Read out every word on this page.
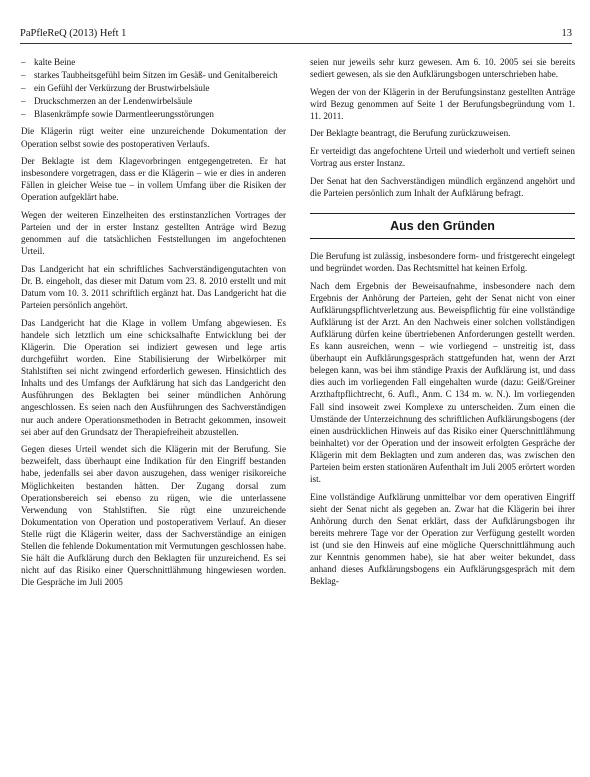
PaPfleReQ (2013) Heft 1	13
– kalte Beine
– starkes Taubheitsgefühl beim Sitzen im Gesäß- und Genitalbereich
– ein Gefühl der Verkürzung der Brustwirbelsäule
– Druckschmerzen an der Lendenwirbelsäule
– Blasenkrämpfe sowie Darmentleerungsstörungen

Die Klägerin rügt weiter eine unzureichende Dokumentation der Operation selbst sowie des postoperativen Verlaufs.

Der Beklagte ist dem Klagevorbringen entgegengetreten. Er hat insbesondere vorgetragen, dass er die Klägerin – wie er dies in anderen Fällen in gleicher Weise tue – in vollem Umfang über die Risiken der Operation aufgeklärt habe.

Wegen der weiteren Einzelheiten des erstinstanzlichen Vortrages der Parteien und der in erster Instanz gestellten Anträge wird Bezug genommen auf die tatsächlichen Feststellungen im angefochtenen Urteil.

Das Landgericht hat ein schriftliches Sachverständigengutachten von Dr. B. eingeholt, das dieser mit Datum vom 23. 8. 2010 erstellt und mit Datum vom 10. 3. 2011 schriftlich ergänzt hat. Das Landgericht hat die Parteien persönlich angehört.

Das Landgericht hat die Klage in vollem Umfang abgewiesen. Es handele sich letztlich um eine schicksalhafte Entwicklung bei der Klägerin. Die Operation sei indiziert gewesen und lege artis durchgeführt worden. Eine Stabilisierung der Wirbelkörper mit Stahlstiften sei nicht zwingend erforderlich gewesen. Hinsichtlich des Inhalts und des Umfangs der Aufklärung hat sich das Landgericht den Ausführungen des Beklagten bei seiner mündlichen Anhörung angeschlossen. Es seien nach den Ausführungen des Sachverständigen nur auch andere Operationsmethoden in Betracht gekommen, insoweit sei aber auf den Grundsatz der Therapiefreiheit abzustellen.

Gegen dieses Urteil wendet sich die Klägerin mit der Berufung. Sie bezweifelt, dass überhaupt eine Indikation für den Eingriff bestanden habe, jedenfalls sei aber davon auszugehen, dass weniger risikoreiche Möglichkeiten bestanden hätten. Der Zugang dorsal zum Operationsbereich sei ebenso zu rügen, wie die unterlassene Verwendung von Stahlstiften. Sie rügt eine unzureichende Dokumentation von Operation und postoperativem Verlauf. An dieser Stelle rügt die Klägerin weiter, dass der Sachverständige an einigen Stellen die fehlende Dokumentation mit Vermutungen geschlossen habe. Sie hält die Aufklärung durch den Beklagten für unzureichend. Es sei nicht auf das Risiko einer Querschnittlähmung hingewiesen worden. Die Gespräche im Juli 2005

seien nur jeweils sehr kurz gewesen. Am 6. 10. 2005 sei sie bereits sediert gewesen, als sie den Aufklärungsbogen unterschrieben habe.

Wegen der von der Klägerin in der Berufungsinstanz gestellten Anträge wird Bezug genommen auf Seite 1 der Berufungsbegründung vom 1. 11. 2011.

Der Beklagte beantragt, die Berufung zurückzuweisen.

Er verteidigt das angefochtene Urteil und wiederholt und vertieft seinen Vortrag aus erster Instanz.

Der Senat hat den Sachverständigen mündlich ergänzend angehört und die Parteien persönlich zum Inhalt der Aufklärung befragt.

Aus den Gründen

Die Berufung ist zulässig, insbesondere form- und fristgerecht eingelegt und begründet worden. Das Rechtsmittel hat keinen Erfolg.

Nach dem Ergebnis der Beweisaufnahme, insbesondere nach dem Ergebnis der Anhörung der Parteien, geht der Senat nicht von einer Aufklärungspflichtverletzung aus. Beweispflichtig für eine vollständige Aufklärung ist der Arzt. An den Nachweis einer solchen vollständigen Aufklärung dürfen keine übertriebenen Anforderungen gestellt werden. Es kann ausreichen, wenn – wie vorliegend – unstreitig ist, dass überhaupt ein Aufklärungsgespräch stattgefunden hat, wenn der Arzt belegen kann, was bei ihm ständige Praxis der Aufklärung ist, und dass dies auch im vorliegenden Fall eingehalten wurde (dazu: Geiß/Greiner Arzthaftpflichtrecht, 6. Aufl., Anm. C 134 m. w. N.). Im vorliegenden Fall sind insoweit zwei Komplexe zu unterscheiden. Zum einen die Umstände der Unterzeichnung des schriftlichen Aufklärungsbogens (der einen ausdrücklichen Hinweis auf das Risiko einer Querschnittlähmung beinhaltet) vor der Operation und der insoweit erfolgten Gespräche der Klägerin mit dem Beklagten und zum anderen das, was zwischen den Parteien beim ersten stationären Aufenthalt im Juli 2005 erörtert worden ist.

Eine vollständige Aufklärung unmittelbar vor dem operativen Eingriff sieht der Senat nicht als gegeben an. Zwar hat die Klägerin bei ihrer Anhörung durch den Senat erklärt, dass der Aufklärungsbogen ihr bereits mehrere Tage vor der Operation zur Verfügung gestellt worden ist (und sie den Hinweis auf eine mögliche Querschnittlähmung auch zur Kenntnis genommen habe), sie hat aber weiter bekundet, dass anhand dieses Aufklärungsbogens ein Aufklärungsgespräch mit dem Beklag-
